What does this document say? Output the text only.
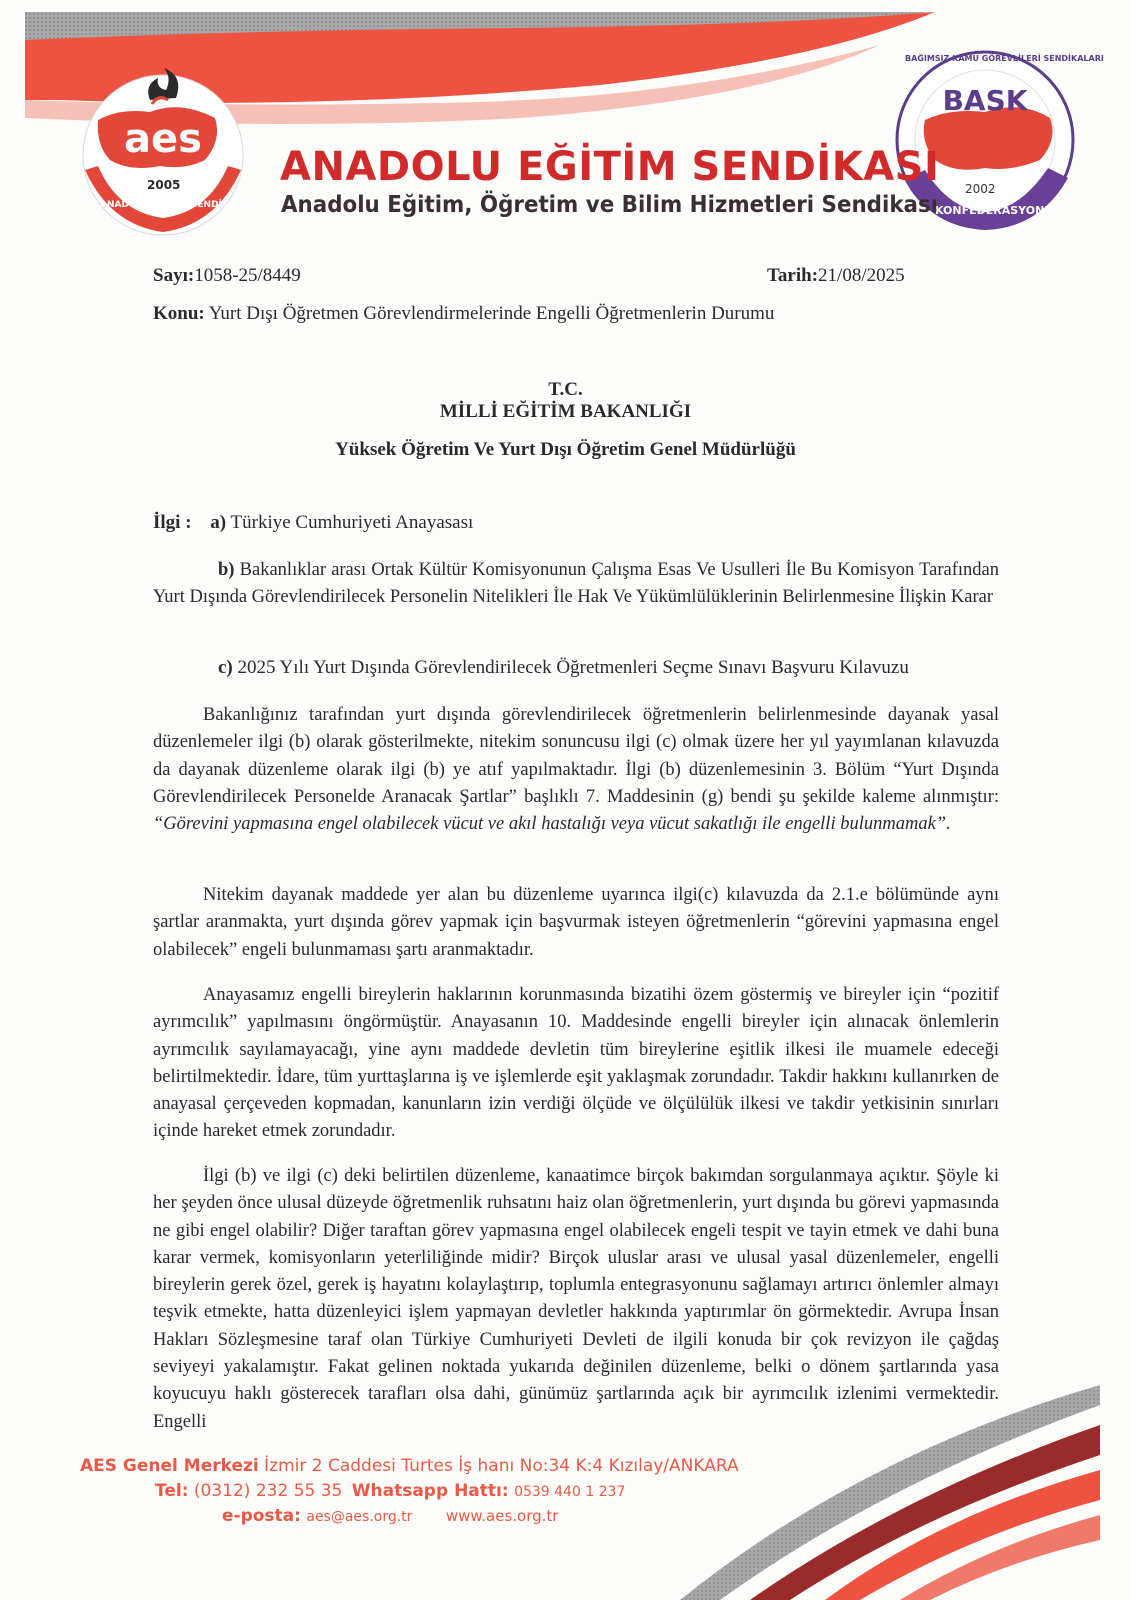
aes
2005
ANADOLU EĞİTİM SENDİKASI
BAĞIMSIZ KAMU GÖREVLİLERİ SENDİKALARI
BASK
2002
KONFEDERASYONU
ANADOLU EĞİTİM SENDİKASI
Anadolu Eğitim, Öğretim ve Bilim Hizmetleri Sendikası
Sayı:1058-25/8449	Tarih:21/08/2025
Konu: Yurt Dışı Öğretmen Görevlendirmelerinde Engelli Öğretmenlerin Durumu
T.C.
MİLLİ EĞİTİM BAKANLIĞI
Yüksek Öğretim Ve Yurt Dışı Öğretim Genel Müdürlüğü
İlgi : a) Türkiye Cumhuriyeti Anayasası

b) Bakanlıklar arası Ortak Kültür Komisyonunun Çalışma Esas Ve Usulleri İle Bu Komisyon Tarafından Yurt Dışında Görevlendirilecek Personelin Nitelikleri İle Hak Ve Yükümlülüklerinin Belirlenmesine İlişkin Karar

c) 2025 Yılı Yurt Dışında Görevlendirilecek Öğretmenleri Seçme Sınavı Başvuru Kılavuzu

Bakanlığınız tarafından yurt dışında görevlendirilecek öğretmenlerin belirlenmesinde dayanak yasal düzenlemeler ilgi (b) olarak gösterilmekte, nitekim sonuncusu ilgi (c) olmak üzere her yıl yayımlanan kılavuzda da dayanak düzenleme olarak ilgi (b) ye atıf yapılmaktadır. İlgi (b) düzenlemesinin 3. Bölüm “Yurt Dışında Görevlendirilecek Personelde Aranacak Şartlar” başlıklı 7. Maddesinin (g) bendi şu şekilde kaleme alınmıştır: “Görevini yapmasına engel olabilecek vücut ve akıl hastalığı veya vücut sakatlığı ile engelli bulunmamak”.

Nitekim dayanak maddede yer alan bu düzenleme uyarınca ilgi(c) kılavuzda da 2.1.e bölümünde aynı şartlar aranmakta, yurt dışında görev yapmak için başvurmak isteyen öğretmenlerin “görevini yapmasına engel olabilecek” engeli bulunmaması şartı aranmaktadır.

Anayasamız engelli bireylerin haklarının korunmasında bizatihi özem göstermiş ve bireyler için “pozitif ayrımcılık” yapılmasını öngörmüştür. Anayasanın 10. Maddesinde engelli bireyler için alınacak önlemlerin ayrımcılık sayılamayacağı, yine aynı maddede devletin tüm bireylerine eşitlik ilkesi ile muamele edeceği belirtilmektedir. İdare, tüm yurttaşlarına iş ve işlemlerde eşit yaklaşmak zorundadır. Takdir hakkını kullanırken de anayasal çerçeveden kopmadan, kanunların izin verdiği ölçüde ve ölçülülük ilkesi ve takdir yetkisinin sınırları içinde hareket etmek zorundadır.

İlgi (b) ve ilgi (c) deki belirtilen düzenleme, kanaatimce birçok bakımdan sorgulanmaya açıktır. Şöyle ki her şeyden önce ulusal düzeyde öğretmenlik ruhsatını haiz olan öğretmenlerin, yurt dışında bu görevi yapmasında ne gibi engel olabilir? Diğer taraftan görev yapmasına engel olabilecek engeli tespit ve tayin etmek ve dahi buna karar vermek, komisyonların yeterliliğinde midir? Birçok uluslar arası ve ulusal yasal düzenlemeler, engelli bireylerin gerek özel, gerek iş hayatını kolaylaştırıp, toplumla entegrasyonunu sağlamayı artırıcı önlemler almayı teşvik etmekte, hatta düzenleyici işlem yapmayan devletler hakkında yaptırımlar ön görmektedir. Avrupa İnsan Hakları Sözleşmesine taraf olan Türkiye Cumhuriyeti Devleti de ilgili konuda bir çok revizyon ile çağdaş seviyeyi yakalamıştır. Fakat gelinen noktada yukarıda değinilen düzenleme, belki o dönem şartlarında yasa koyucuyu haklı gösterecek tarafları olsa dahi, günümüz şartlarında açık bir ayrımcılık izlenimi vermektedir. Engelli

AES Genel Merkezi İzmir 2 Caddesi Turtes İş hanı No:34 K:4 Kızılay/ANKARA
Tel: (0312) 232 55 35 Whatsapp Hattı: 0539 440 1 237
e-posta: aes@aes.org.tr www.aes.org.tr
